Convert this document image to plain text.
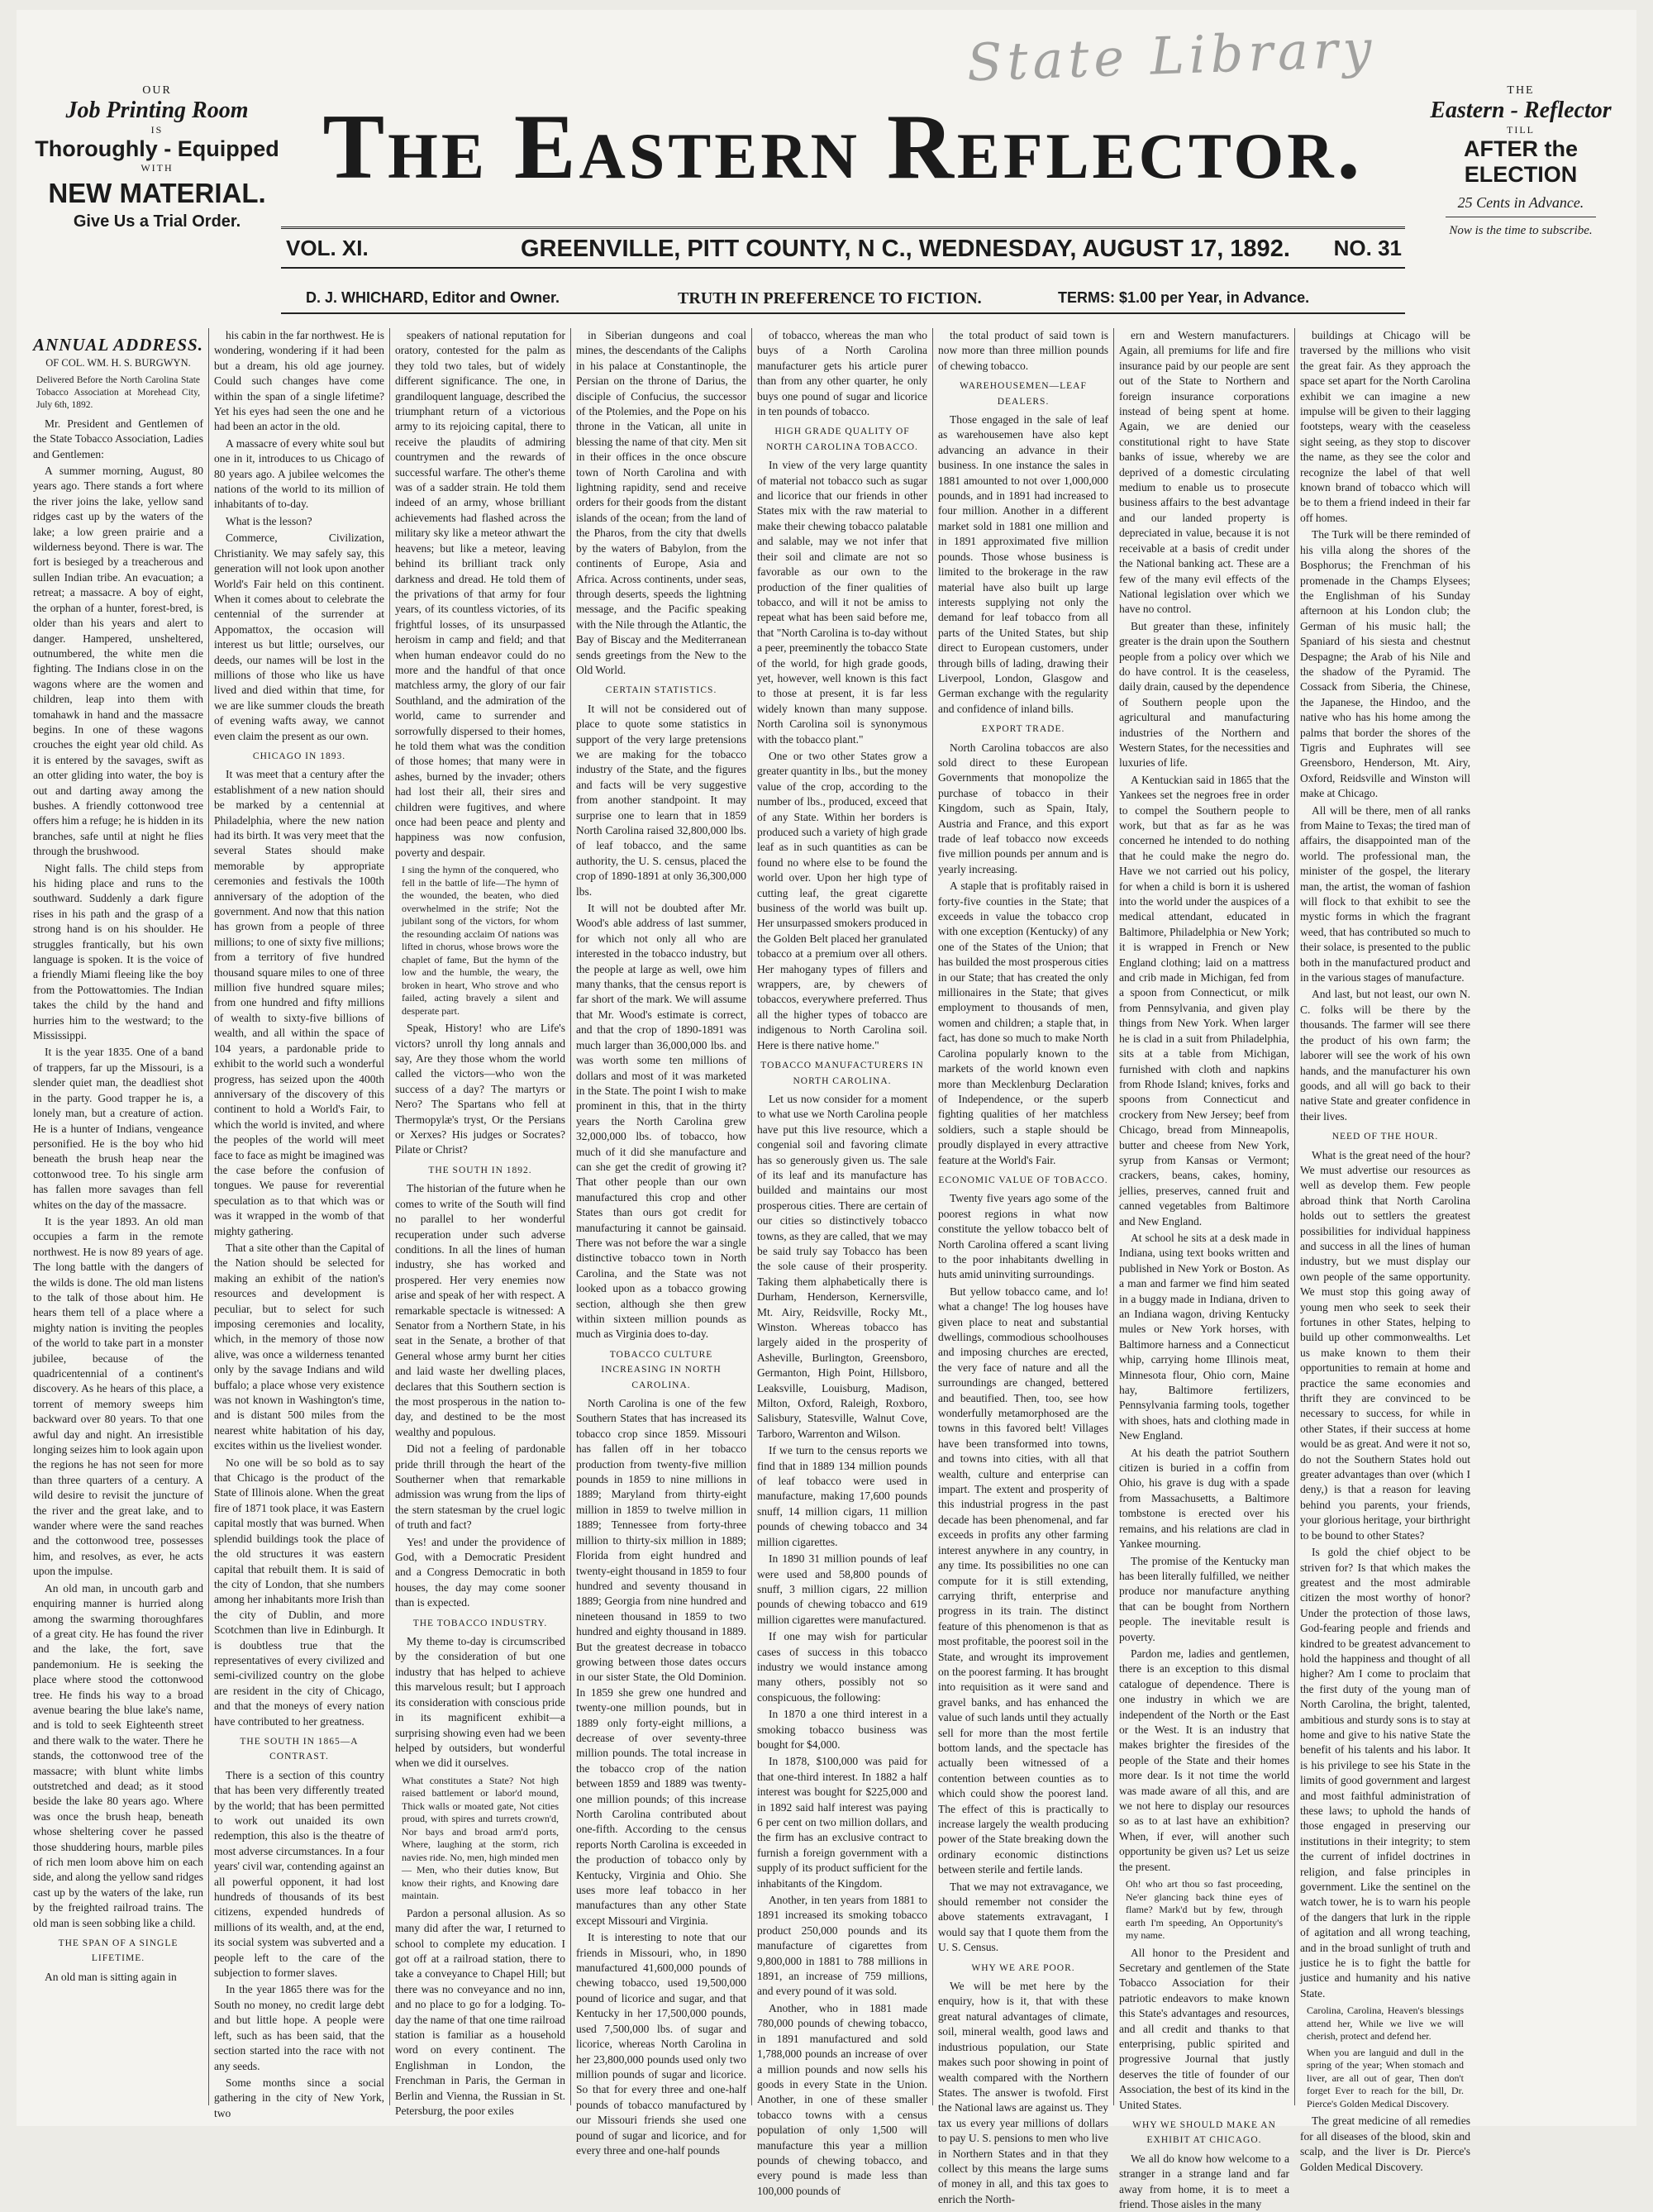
State Library
OUR
Job Printing Room
IS
Thoroughly - Equipped
WITH
NEW MATERIAL.
Give Us a Trial Order.
The Eastern Reflector.
THE
Eastern - Reflector
TILL
AFTER the ELECTION
25 Cents in Advance.
Now is the time to subscribe.
VOL. XI.	GREENVILLE, PITT COUNTY, N C., WEDNESDAY, AUGUST 17, 1892. NO. 31
D. J. WHICHARD, Editor and Owner.	TRUTH IN PREFERENCE TO FICTION.	TERMS: $1.00 per Year, in Advance.
ANNUAL ADDRESS.
OF COL. WM. H. S. BURGWYN.
Delivered Before the North Carolina State Tobacco Association at Morehead City, July 6th, 1892.

Mr. President and Gentlemen of the State Tobacco Association, Ladies and Gentlemen:

A summer morning, August, 80 years ago. There stands a fort where the river joins the lake, yellow sand ridges cast up by the waters of the lake; a low green prairie and a wilderness beyond. There is war. The fort is besieged by a treacherous and sullen Indian tribe. An evacuation; a retreat; a massacre. A boy of eight, the orphan of a hunter, forest-bred, is older than his years and alert to danger. Hampered, unsheltered, outnumbered, the white men die fighting. The Indians close in on the wagons where are the women and children, leap into them with tomahawk in hand and the massacre begins. In one of these wagons crouches the eight year old child. As it is entered by the savages, swift as an otter gliding into water, the boy is out and darting away among the bushes. A friendly cottonwood tree offers him a refuge; he is hidden in its branches, safe until at night he flies through the brushwood.

Night falls. The child steps from his hiding place and runs to the southward. Suddenly a dark figure rises in his path and the grasp of a strong hand is on his shoulder. He struggles frantically, but his own language is spoken. It is the voice of a friendly Miami fleeing like the boy from the Pottowattomies. The Indian takes the child by the hand and hurries him to the westward; to the Mississippi.

It is the year 1835. One of a band of trappers, far up the Missouri, is a slender quiet man, the deadliest shot in the party. Good trapper he is, a lonely man, but a creature of action. He is a hunter of Indians, vengeance personified. He is the boy who hid beneath the brush heap near the cottonwood tree. To his single arm has fallen more savages than fell whites on the day of the massacre.

It is the year 1893. An old man occupies a farm in the remote northwest. He is now 89 years of age. The long battle with the dangers of the wilds is done. The old man listens to the talk of those about him. He hears them tell of a place where a mighty nation is inviting the peoples of the world to take part in a monster jubilee, because of the quadricentennial of a continent's discovery. As he hears of this place, a torrent of memory sweeps him backward over 80 years. To that one awful day and night. An irresistible longing seizes him to look again upon the regions he has not seen for more than three quarters of a century. A wild desire to revisit the juncture of the river and the great lake, and to wander where were the sand reaches and the cottonwood tree, possesses him, and resolves, as ever, he acts upon the impulse.

An old man, in uncouth garb and enquiring manner is hurried along among the swarming thoroughfares of a great city. He has found the river and the lake, the fort, save pandemonium. He is seeking the place where stood the cottonwood tree. He finds his way to a broad avenue bearing the blue lake's name, and is told to seek Eighteenth street and there walk to the water. There he stands, the cottonwood tree of the massacre; with blunt white limbs outstretched and dead; as it stood beside the lake 80 years ago. Where was once the brush heap, beneath whose sheltering cover he passed those shuddering hours, marble piles of rich men loom above him on each side, and along the yellow sand ridges cast up by the waters of the lake, run by the freighted railroad trains. The old man is seen sobbing like a child.

THE SPAN OF A SINGLE LIFETIME.

An old man is sitting again in

his cabin in the far northwest. He is wondering, wondering if it had been but a dream, his old age journey. Could such changes have come within the span of a single lifetime? Yet his eyes had seen the one and he had been an actor in the old.

A massacre of every white soul but one in it, introduces to us Chicago of 80 years ago. A jubilee welcomes the nations of the world to its million of inhabitants of to-day.

What is the lesson?

Commerce, Civilization, Christianity. We may safely say, this generation will not look upon another World's Fair held on this continent. When it comes about to celebrate the centennial of the surrender at Appomattox, the occasion will interest us but little; ourselves, our deeds, our names will be lost in the millions of those who like us have lived and died within that time, for we are like summer clouds the breath of evening wafts away, we cannot even claim the present as our own.

CHICAGO IN 1893.

It was meet that a century after the establishment of a new nation should be marked by a centennial at Philadelphia, where the new nation had its birth. It was very meet that the several States should make memorable by appropriate ceremonies and festivals the 100th anniversary of the adoption of the government. And now that this nation has grown from a people of three millions; to one of sixty five millions; from a territory of five hundred thousand square miles to one of three million five hundred square miles; from one hundred and fifty millions of wealth to sixty-five billions of wealth, and all within the space of 104 years, a pardonable pride to exhibit to the world such a wonderful progress, has seized upon the 400th anniversary of the discovery of this continent to hold a World's Fair, to which the world is invited, and where the peoples of the world will meet face to face as might be imagined was the case before the confusion of tongues. We pause for reverential speculation as to that which was or was it wrapped in the womb of that mighty gathering.

That a site other than the Capital of the Nation should be selected for making an exhibit of the nation's resources and development is peculiar, but to select for such imposing ceremonies and locality, which, in the memory of those now alive, was once a wilderness tenanted only by the savage Indians and wild buffalo; a place whose very existence was not known in Washington's time, and is distant 500 miles from the nearest white habitation of his day, excites within us the liveliest wonder.

No one will be so bold as to say that Chicago is the product of the State of Illinois alone. When the great fire of 1871 took place, it was Eastern capital mostly that was burned. When splendid buildings took the place of the old structures it was eastern capital that rebuilt them. It is said of the city of London, that she numbers among her inhabitants more Irish than the city of Dublin, and more Scotchmen than live in Edinburgh. It is doubtless true that the representatives of every civilized and semi-civilized country on the globe are resident in the city of Chicago, and that the moneys of every nation have contributed to her greatness.

THE SOUTH IN 1865—A CONTRAST.

There is a section of this country that has been very differently treated by the world; that has been permitted to work out unaided its own redemption, this also is the theatre of most adverse circumstances. In a four years' civil war, contending against an all powerful opponent, it had lost hundreds of thousands of its best citizens, expended hundreds of millions of its wealth, and, at the end, its social system was subverted and a people left to the care of the subjection to former slaves.

In the year 1865 there was for the South no money, no credit large debt and but little hope. A people were left, such as has been said, that the section started into the race with not any seeds.

Some months since a social gathering in the city of New York, two

speakers of national reputation for oratory, contested for the palm as they told two tales, but of widely different significance. The one, in grandiloquent language, described the triumphant return of a victorious army to its rejoicing capital, there to receive the plaudits of admiring countrymen and the rewards of successful warfare. The other's theme was of a sadder strain. He told them indeed of an army, whose brilliant achievements had flashed across the military sky like a meteor athwart the heavens; but like a meteor, leaving behind its brilliant track only darkness and dread. He told them of the privations of that army for four years, of its countless victories, of its frightful losses, of its unsurpassed heroism in camp and field; and that when human endeavor could do no more and the handful of that once matchless army, the glory of our fair Southland, and the admiration of the world, came to surrender and sorrowfully dispersed to their homes, he told them what was the condition of those homes; that many were in ashes, burned by the invader; others had lost their all, their sires and children were fugitives, and where once had been peace and plenty and happiness was now confusion, poverty and despair.

I sing the hymn of the conquered, who fell in the battle of life—The hymn of the wounded, the beaten, who died overwhelmed in the strife; Not the jubilant song of the victors, for whom the resounding acclaim Of nations was lifted in chorus, whose brows wore the chaplet of fame, But the hymn of the low and the humble, the weary, the broken in heart, Who strove and who failed, acting bravely a silent and desperate part.

Speak, History! who are Life's victors? unroll thy long annals and say, Are they those whom the world called the victors—who won the success of a day? The martyrs or Nero? The Spartans who fell at Thermopylæ's tryst, Or the Persians or Xerxes? His judges or Socrates? Pilate or Christ?

THE SOUTH IN 1892.

The historian of the future when he comes to write of the South will find no parallel to her wonderful recuperation under such adverse conditions. In all the lines of human industry, she has worked and prospered. Her very enemies now arise and speak of her with respect. A remarkable spectacle is witnessed: A Senator from a Northern State, in his seat in the Senate, a brother of that General whose army burnt her cities and laid waste her dwelling places, declares that this Southern section is the most prosperous in the nation to-day, and destined to be the most wealthy and populous.

Did not a feeling of pardonable pride thrill through the heart of the Southerner when that remarkable admission was wrung from the lips of the stern statesman by the cruel logic of truth and fact?

Yes! and under the providence of God, with a Democratic President and a Congress Democratic in both houses, the day may come sooner than is expected.

THE TOBACCO INDUSTRY.

My theme to-day is circumscribed by the consideration of but one industry that has helped to achieve this marvelous result; but I approach its consideration with conscious pride in its magnificent exhibit—a surprising showing even had we been helped by outsiders, but wonderful when we did it ourselves.

What constitutes a State? Not high raised battlement or labor'd mound, Thick walls or moated gate, Not cities proud, with spires and turrets crown'd, Nor bays and broad arm'd ports, Where, laughing at the storm, rich navies ride. No, men, high minded men— Men, who their duties know, But know their rights, and Knowing dare maintain.

Pardon a personal allusion. As so many did after the war, I returned to school to complete my education. I got off at a railroad station, there to take a conveyance to Chapel Hill; but there was no conveyance and no inn, and no place to go for a lodging. To-day the name of that one time railroad station is familiar as a household word on every continent. The Englishman in London, the Frenchman in Paris, the German in Berlin and Vienna, the Russian in St. Petersburg, the poor exiles

in Siberian dungeons and coal mines, the descendants of the Caliphs in his palace at Constantinople, the Persian on the throne of Darius, the disciple of Confucius, the successor of the Ptolemies, and the Pope on his throne in the Vatican, all unite in blessing the name of that city. Men sit in their offices in the once obscure town of North Carolina and with lightning rapidity, send and receive orders for their goods from the distant islands of the ocean; from the land of the Pharos, from the city that dwells by the waters of Babylon, from the continents of Europe, Asia and Africa. Across continents, under seas, through deserts, speeds the lightning message, and the Pacific speaking with the Nile through the Atlantic, the Bay of Biscay and the Mediterranean sends greetings from the New to the Old World.

CERTAIN STATISTICS.

It will not be considered out of place to quote some statistics in support of the very large pretensions we are making for the tobacco industry of the State, and the figures and facts will be very suggestive from another standpoint. It may surprise one to learn that in 1859 North Carolina raised 32,800,000 lbs. of leaf tobacco, and the same authority, the U. S. census, placed the crop of 1890-1891 at only 36,300,000 lbs.

It will not be doubted after Mr. Wood's able address of last summer, for which not only all who are interested in the tobacco industry, but the people at large as well, owe him many thanks, that the census report is far short of the mark. We will assume that Mr. Wood's estimate is correct, and that the crop of 1890-1891 was much larger than 36,000,000 lbs. and was worth some ten millions of dollars and most of it was marketed in the State. The point I wish to make prominent in this, that in the thirty years the North Carolina grew 32,000,000 lbs. of tobacco, how much of it did she manufacture and can she get the credit of growing it? That other people than our own manufactured this crop and other States than ours got credit for manufacturing it cannot be gainsaid. There was not before the war a single distinctive tobacco town in North Carolina, and the State was not looked upon as a tobacco growing section, although she then grew within sixteen million pounds as much as Virginia does to-day.

TOBACCO CULTURE INCREASING IN NORTH CAROLINA.

North Carolina is one of the few Southern States that has increased its tobacco crop since 1859. Missouri has fallen off in her tobacco production from twenty-five million pounds in 1859 to nine millions in 1889; Maryland from thirty-eight million in 1859 to twelve million in 1889; Tennessee from forty-three million to thirty-six million in 1889; Florida from eight hundred and twenty-eight thousand in 1859 to four hundred and seventy thousand in 1889; Georgia from nine hundred and nineteen thousand in 1859 to two hundred and eighty thousand in 1889. But the greatest decrease in tobacco growing between those dates occurs in our sister State, the Old Dominion. In 1859 she grew one hundred and twenty-one million pounds, but in 1889 only forty-eight millions, a decrease of over seventy-three million pounds. The total increase in the tobacco crop of the nation between 1859 and 1889 was twenty-one million pounds; of this increase North Carolina contributed about one-fifth. According to the census reports North Carolina is exceeded in the production of tobacco only by Kentucky, Virginia and Ohio. She uses more leaf tobacco in her manufactures than any other State except Missouri and Virginia.

It is interesting to note that our friends in Missouri, who, in 1890 manufactured 41,600,000 pounds of chewing tobacco, used 19,500,000 pound of licorice and sugar, and that Kentucky in her 17,500,000 pounds, used 7,500,000 lbs. of sugar and licorice, whereas North Carolina in her 23,800,000 pounds used only two million pounds of sugar and licorice. So that for every three and one-half pounds of tobacco manufactured by our Missouri friends she used one pound of sugar and licorice, and for every three and one-half pounds

of tobacco, whereas the man who buys of a North Carolina manufacturer gets his article purer than from any other quarter, he only buys one pound of sugar and licorice in ten pounds of tobacco.

HIGH GRADE QUALITY OF NORTH CAROLINA TOBACCO.

In view of the very large quantity of material not tobacco such as sugar and licorice that our friends in other States mix with the raw material to make their chewing tobacco palatable and salable, may we not infer that their soil and climate are not so favorable as our own to the production of the finer qualities of tobacco, and will it not be amiss to repeat what has been said before me, that "North Carolina is to-day without a peer, preeminently the tobacco State of the world, for high grade goods, yet, however, well known is this fact to those at present, it is far less widely known than many suppose. North Carolina soil is synonymous with the tobacco plant."

One or two other States grow a greater quantity in lbs., but the money value of the crop, according to the number of lbs., produced, exceed that of any State. Within her borders is produced such a variety of high grade leaf as in such quantities as can be found no where else to be found the world over. Upon her high type of cutting leaf, the great cigarette business of the world was built up. Her unsurpassed smokers produced in the Golden Belt placed her granulated tobacco at a premium over all others. Her mahogany types of fillers and wrappers, are, by chewers of tobaccos, everywhere preferred. Thus all the higher types of tobacco are indigenous to North Carolina soil. Here is there native home."

TOBACCO MANUFACTURERS IN NORTH CAROLINA.

Let us now consider for a moment to what use we North Carolina people have put this live resource, which a congenial soil and favoring climate has so generously given us. The sale of its leaf and its manufacture has builded and maintains our most prosperous cities. There are certain of our cities so distinctively tobacco towns, as they are called, that we may be said truly say Tobacco has been the sole cause of their prosperity. Taking them alphabetically there is Durham, Henderson, Kernersville, Mt. Airy, Reidsville, Rocky Mt., Winston. Whereas tobacco has largely aided in the prosperity of Asheville, Burlington, Greensboro, Germanton, High Point, Hillsboro, Leaksville, Louisburg, Madison, Milton, Oxford, Raleigh, Roxboro, Salisbury, Statesville, Walnut Cove, Tarboro, Warrenton and Wilson.

If we turn to the census reports we find that in 1889 134 million pounds of leaf tobacco were used in manufacture, making 17,600 pounds snuff, 14 million cigars, 11 million pounds of chewing tobacco and 34 million cigarettes.

In 1890 31 million pounds of leaf were used and 58,800 pounds of snuff, 3 million cigars, 22 million pounds of chewing tobacco and 619 million cigarettes were manufactured.

If one may wish for particular cases of success in this tobacco industry we would instance among many others, possibly not so conspicuous, the following:

In 1870 a one third interest in a smoking tobacco business was bought for $4,000.

In 1878, $100,000 was paid for that one-third interest. In 1882 a half interest was bought for $225,000 and in 1892 said half interest was paying 6 per cent on two million dollars, and the firm has an exclusive contract to furnish a foreign government with a supply of its product sufficient for the inhabitants of the Kingdom.

Another, in ten years from 1881 to 1891 increased its smoking tobacco product 250,000 pounds and its manufacture of cigarettes from 9,800,000 in 1881 to 788 millions in 1891, an increase of 759 millions, and every pound of it was sold.

Another, who in 1881 made 780,000 pounds of chewing tobacco, in 1891 manufactured and sold 1,788,000 pounds an increase of over a million pounds and now sells his goods in every State in the Union. Another, in one of these smaller tobacco towns with a census population of only 1,500 will manufacture this year a million pounds of chewing tobacco, and every pound is made less than 100,000 pounds of

the total product of said town is now more than three million pounds of chewing tobacco.

WAREHOUSEMEN—LEAF DEALERS.

Those engaged in the sale of leaf as warehousemen have also kept advancing an advance in their business. In one instance the sales in 1881 amounted to not over 1,000,000 pounds, and in 1891 had increased to four million. Another in a different market sold in 1881 one million and in 1891 approximated five million pounds. Those whose business is limited to the brokerage in the raw material have also built up large interests supplying not only the demand for leaf tobacco from all parts of the United States, but ship direct to European customers, under through bills of lading, drawing their Liverpool, London, Glasgow and German exchange with the regularity and confidence of inland bills.

EXPORT TRADE.

North Carolina tobaccos are also sold direct to these European Governments that monopolize the purchase of tobacco in their Kingdom, such as Spain, Italy, Austria and France, and this export trade of leaf tobacco now exceeds five million pounds per annum and is yearly increasing.

A staple that is profitably raised in forty-five counties in the State; that exceeds in value the tobacco crop with one exception (Kentucky) of any one of the States of the Union; that has builded the most prosperous cities in our State; that has created the only millionaires in the State; that gives employment to thousands of men, women and children; a staple that, in fact, has done so much to make North Carolina popularly known to the markets of the world known even more than Mecklenburg Declaration of Independence, or the superb fighting qualities of her matchless soldiers, such a staple should be proudly displayed in every attractive feature at the World's Fair.

ECONOMIC VALUE OF TOBACCO.

Twenty five years ago some of the poorest regions in what now constitute the yellow tobacco belt of North Carolina offered a scant living to the poor inhabitants dwelling in huts amid uninviting surroundings.

But yellow tobacco came, and lo! what a change! The log houses have given place to neat and substantial dwellings, commodious schoolhouses and imposing churches are erected, the very face of nature and all the surroundings are changed, bettered and beautified. Then, too, see how wonderfully metamorphosed are the towns in this favored belt! Villages have been transformed into towns, and towns into cities, with all that wealth, culture and enterprise can impart. The extent and prosperity of this industrial progress in the past decade has been phenomenal, and far exceeds in profits any other farming interest anywhere in any country, in any time. Its possibilities no one can compute for it is still extending, carrying thrift, enterprise and progress in its train. The distinct feature of this phenomenon is that as most profitable, the poorest soil in the State, and wrought its improvement on the poorest farming. It has brought into requisition as it were sand and gravel banks, and has enhanced the value of such lands until they actually sell for more than the most fertile bottom lands, and the spectacle has actually been witnessed of a contention between counties as to which could show the poorest land. The effect of this is practically to increase largely the wealth producing power of the State breaking down the ordinary economic distinctions between sterile and fertile lands.

That we may not extravagance, we should remember not consider the above statements extravagant, I would say that I quote them from the U. S. Census.

WHY WE ARE POOR.

We will be met here by the enquiry, how is it, that with these great natural advantages of climate, soil, mineral wealth, good laws and industrious population, our State makes such poor showing in point of wealth compared with the Northern States. The answer is twofold. First the National laws are against us. They tax us every year millions of dollars to pay U. S. pensions to men who live in Northern States and in that they collect by this means the large sums of money in all, and this tax goes to enrich the North-

ern and Western manufacturers. Again, all premiums for life and fire insurance paid by our people are sent out of the State to Northern and foreign insurance corporations instead of being spent at home. Again, we are denied our constitutional right to have State banks of issue, whereby we are deprived of a domestic circulating medium to enable us to prosecute business affairs to the best advantage and our landed property is depreciated in value, because it is not receivable at a basis of credit under the National banking act. These are a few of the many evil effects of the National legislation over which we have no control.

But greater than these, infinitely greater is the drain upon the Southern people from a policy over which we do have control. It is the ceaseless, daily drain, caused by the dependence of Southern people upon the agricultural and manufacturing industries of the Northern and Western States, for the necessities and luxuries of life.

A Kentuckian said in 1865 that the Yankees set the negroes free in order to compel the Southern people to work, but that as far as he was concerned he intended to do nothing that he could make the negro do. Have we not carried out his policy, for when a child is born it is ushered into the world under the auspices of a medical attendant, educated in Baltimore, Philadelphia or New York; it is wrapped in French or New England clothing; laid on a mattress and crib made in Michigan, fed from a spoon from Connecticut, or milk from Pennsylvania, and given play things from New York. When larger he is clad in a suit from Philadelphia, sits at a table from Michigan, furnished with cloth and napkins from Rhode Island; knives, forks and spoons from Connecticut and crockery from New Jersey; beef from Chicago, bread from Minneapolis, butter and cheese from New York, syrup from Kansas or Vermont; crackers, beans, cakes, hominy, jellies, preserves, canned fruit and canned vegetables from Baltimore and New England.

At school he sits at a desk made in Indiana, using text books written and published in New York or Boston. As a man and farmer we find him seated in a buggy made in Indiana, driven to an Indiana wagon, driving Kentucky mules or New York horses, with Baltimore harness and a Connecticut whip, carrying home Illinois meat, Minnesota flour, Ohio corn, Maine hay, Baltimore fertilizers, Pennsylvania farming tools, together with shoes, hats and clothing made in New England.

At his death the patriot Southern citizen is buried in a coffin from Ohio, his grave is dug with a spade from Massachusetts, a Baltimore tombstone is erected over his remains, and his relations are clad in Yankee mourning.

The promise of the Kentucky man has been literally fulfilled, we neither produce nor manufacture anything that can be bought from Northern people. The inevitable result is poverty.

Pardon me, ladies and gentlemen, there is an exception to this dismal catalogue of dependence. There is one industry in which we are independent of the North or the East or the West. It is an industry that makes brighter the firesides of the people of the State and their homes more dear. Is it not time the world was made aware of all this, and are we not here to display our resources so as to at last have an exhibition? When, if ever, will another such opportunity be given us? Let us seize the present.

Oh! who art thou so fast proceeding, Ne'er glancing back thine eyes of flame? Mark'd but by few, through earth I'm speeding, An Opportunity's my name.

All honor to the President and Secretary and gentlemen of the State Tobacco Association for their patriotic endeavors to make known this State's advantages and resources, and all credit and thanks to that enterprising, public spirited and progressive Journal that justly deserves the title of founder of our Association, the best of its kind in the United States.

WHY WE SHOULD MAKE AN EXHIBIT AT CHICAGO.

We all do know how welcome to a stranger in a strange land and far away from home, it is to meet a friend. Those aisles in the many

buildings at Chicago will be traversed by the millions who visit the great fair. As they approach the space set apart for the North Carolina exhibit we can imagine a new impulse will be given to their lagging footsteps, weary with the ceaseless sight seeing, as they stop to discover the name, as they see the color and recognize the label of that well known brand of tobacco which will be to them a friend indeed in their far off homes.

The Turk will be there reminded of his villa along the shores of the Bosphorus; the Frenchman of his promenade in the Champs Elysees; the Englishman of his Sunday afternoon at his London club; the German of his music hall; the Spaniard of his siesta and chestnut Despagne; the Arab of his Nile and the shadow of the Pyramid. The Cossack from Siberia, the Chinese, the Japanese, the Hindoo, and the native who has his home among the palms that border the shores of the Tigris and Euphrates will see Greensboro, Henderson, Mt. Airy, Oxford, Reidsville and Winston will make at Chicago.

All will be there, men of all ranks from Maine to Texas; the tired man of affairs, the disappointed man of the world. The professional man, the minister of the gospel, the literary man, the artist, the woman of fashion will flock to that exhibit to see the mystic forms in which the fragrant weed, that has contributed so much to their solace, is presented to the public both in the manufactured product and in the various stages of manufacture.

And last, but not least, our own N. C. folks will be there by the thousands. The farmer will see there the product of his own farm; the laborer will see the work of his own hands, and the manufacturer his own goods, and all will go back to their native State and greater confidence in their lives.

NEED OF THE HOUR.

What is the great need of the hour? We must advertise our resources as well as develop them. Few people abroad think that North Carolina holds out to settlers the greatest possibilities for individual happiness and success in all the lines of human industry, but we must display our own people of the same opportunity. We must stop this going away of young men who seek to seek their fortunes in other States, helping to build up other commonwealths. Let us make known to them their opportunities to remain at home and practice the same economies and thrift they are convinced to be necessary to success, for while in other States, if their success at home would be as great. And were it not so, do not the Southern States hold out greater advantages than over (which I deny,) is that a reason for leaving behind you parents, your friends, your glorious heritage, your birthright to be bound to other States?

Is gold the chief object to be striven for? Is that which makes the greatest and the most admirable citizen the most worthy of honor? Under the protection of those laws, God-fearing people and friends and kindred to be greatest advancement to hold the happiness and thought of all higher? Am I come to proclaim that the first duty of the young man of North Carolina, the bright, talented, ambitious and sturdy sons is to stay at home and give to his native State the benefit of his talents and his labor. It is his privilege to see his State in the limits of good government and largest and most faithful administration of these laws; to uphold the hands of those engaged in preserving our institutions in their integrity; to stem the current of infidel doctrines in religion, and false principles in government. Like the sentinel on the watch tower, he is to warn his people of the dangers that lurk in the ripple of agitation and all wrong teaching, and in the broad sunlight of truth and justice he is to fight the battle for justice and humanity and his native State.

Carolina, Carolina, Heaven's blessings attend her, While we live we will cherish, protect and defend her.
When you are languid and dull in the spring of the year; When stomach and liver, are all out of gear, Then don't forget Ever to reach for the bill, Dr. Pierce's Golden Medical Discovery.

The great medicine of all remedies for all diseases of the blood, skin and scalp, and the liver is Dr. Pierce's Golden Medical Discovery.
